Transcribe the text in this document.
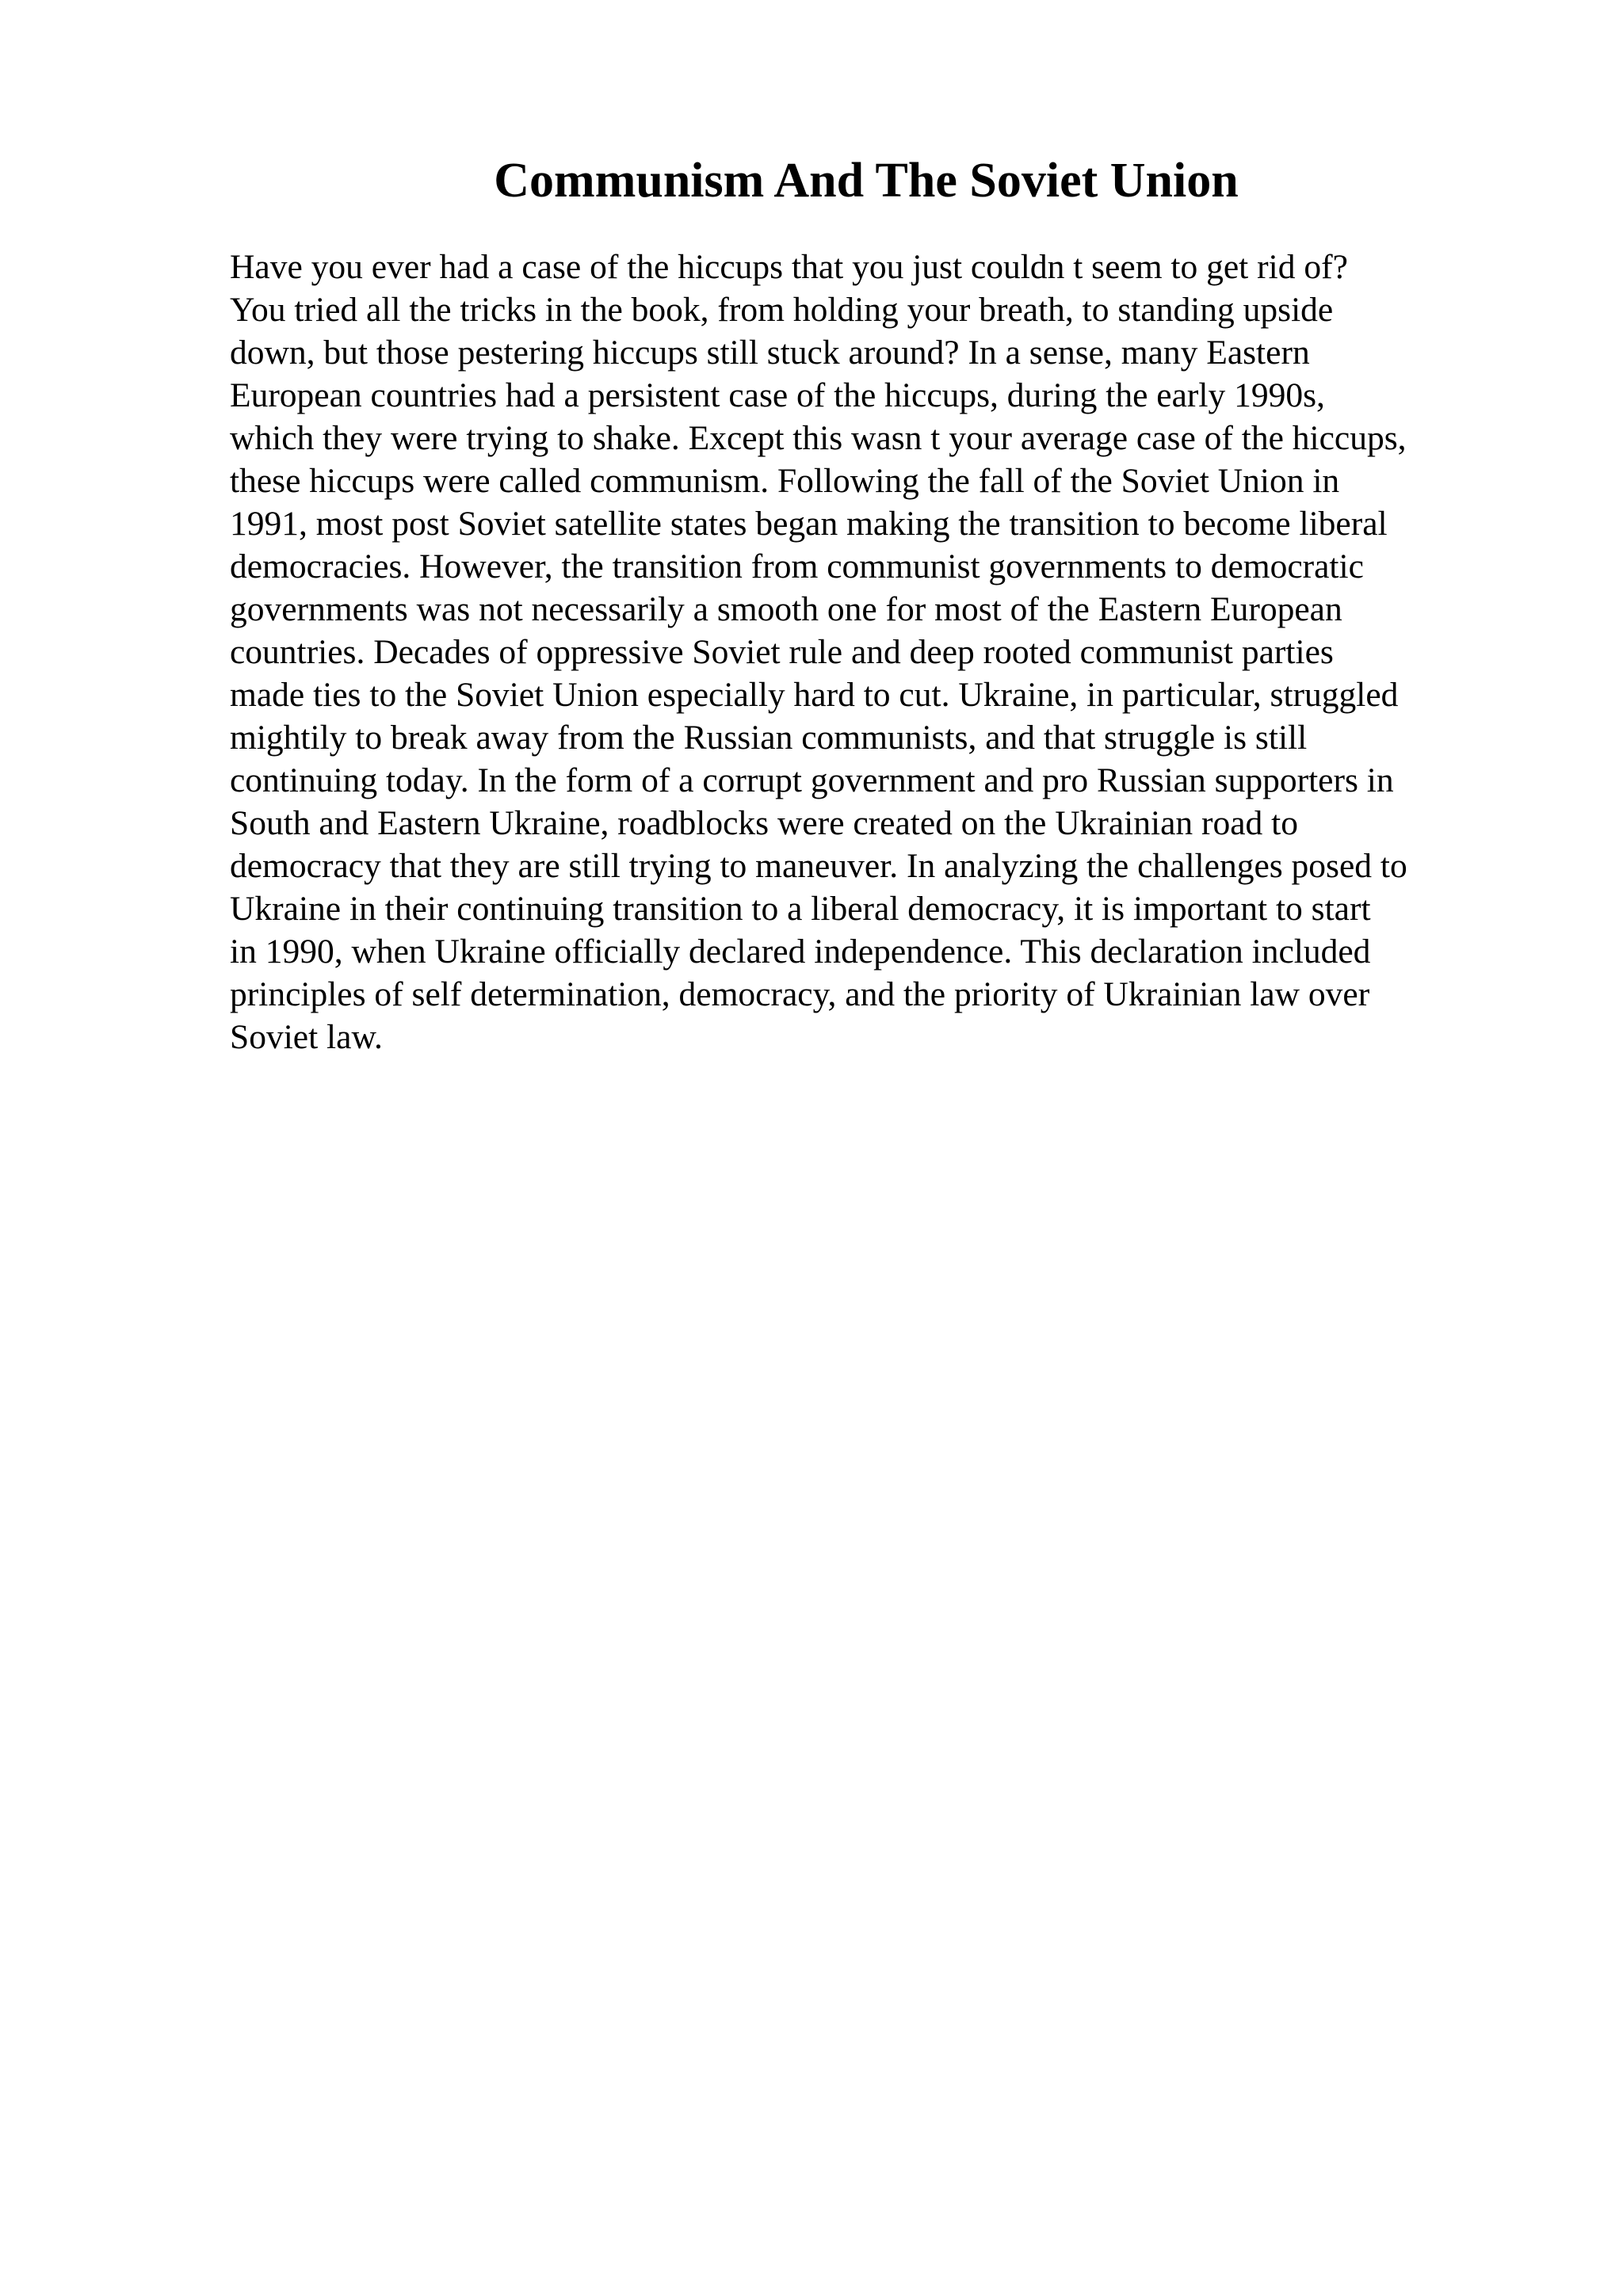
Communism And The Soviet Union
Have you ever had a case of the hiccups that you just couldn t seem to get rid of?
You tried all the tricks in the book, from holding your breath, to standing upside
down, but those pestering hiccups still stuck around? In a sense, many Eastern
European countries had a persistent case of the hiccups, during the early 1990s,
which they were trying to shake. Except this wasn t your average case of the hiccups,
these hiccups were called communism. Following the fall of the Soviet Union in
1991, most post Soviet satellite states began making the transition to become liberal
democracies. However, the transition from communist governments to democratic
governments was not necessarily a smooth one for most of the Eastern European
countries. Decades of oppressive Soviet rule and deep rooted communist parties
made ties to the Soviet Union especially hard to cut. Ukraine, in particular, struggled
mightily to break away from the Russian communists, and that struggle is still
continuing today. In the form of a corrupt government and pro Russian supporters in
South and Eastern Ukraine, roadblocks were created on the Ukrainian road to
democracy that they are still trying to maneuver. In analyzing the challenges posed to
Ukraine in their continuing transition to a liberal democracy, it is important to start
in 1990, when Ukraine officially declared independence. This declaration included
principles of self determination, democracy, and the priority of Ukrainian law over
Soviet law.
